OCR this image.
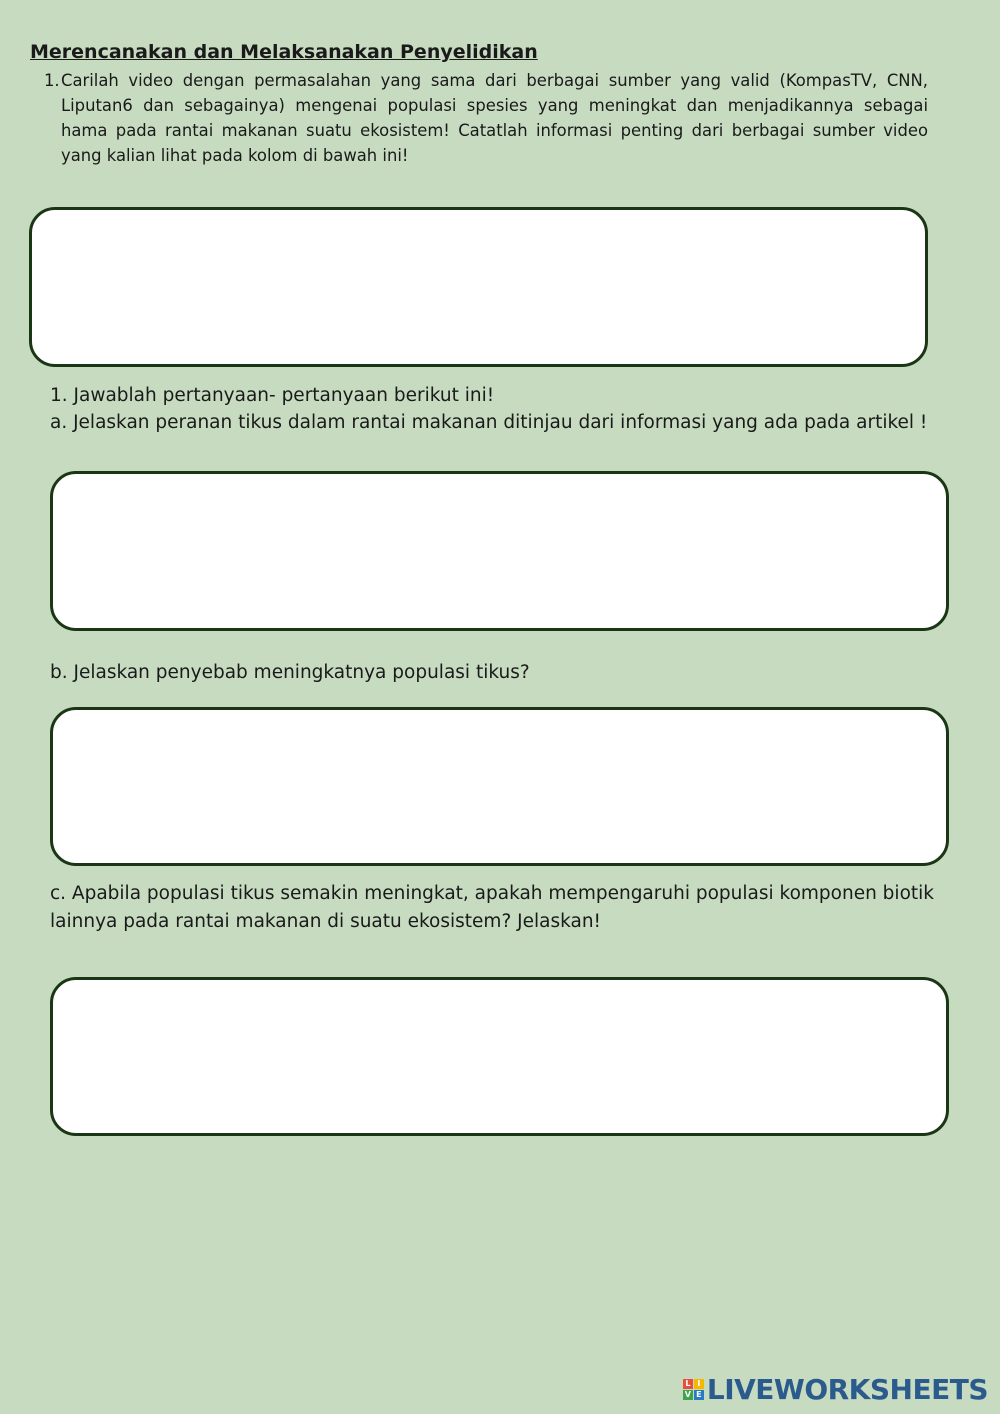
Merencanakan dan Melaksanakan Penyelidikan
1. Carilah video dengan permasalahan yang sama dari berbagai sumber yang valid (KompasTV, CNN, Liputan6 dan sebagainya) mengenai populasi spesies yang meningkat dan menjadikannya sebagai hama pada rantai makanan suatu ekosistem! Catatlah informasi penting dari berbagai sumber video yang kalian lihat pada kolom di bawah ini!

1. Jawablah pertanyaan- pertanyaan berikut ini!

a. Jelaskan peranan tikus dalam rantai makanan ditinjau dari informasi yang ada pada artikel !

b. Jelaskan penyebab meningkatnya populasi tikus?

c. Apabila populasi tikus semakin meningkat, apakah mempengaruhi populasi komponen biotik lainnya pada rantai makanan di suatu ekosistem? Jelaskan!

L I
V E LIVEWORKSHEETS
